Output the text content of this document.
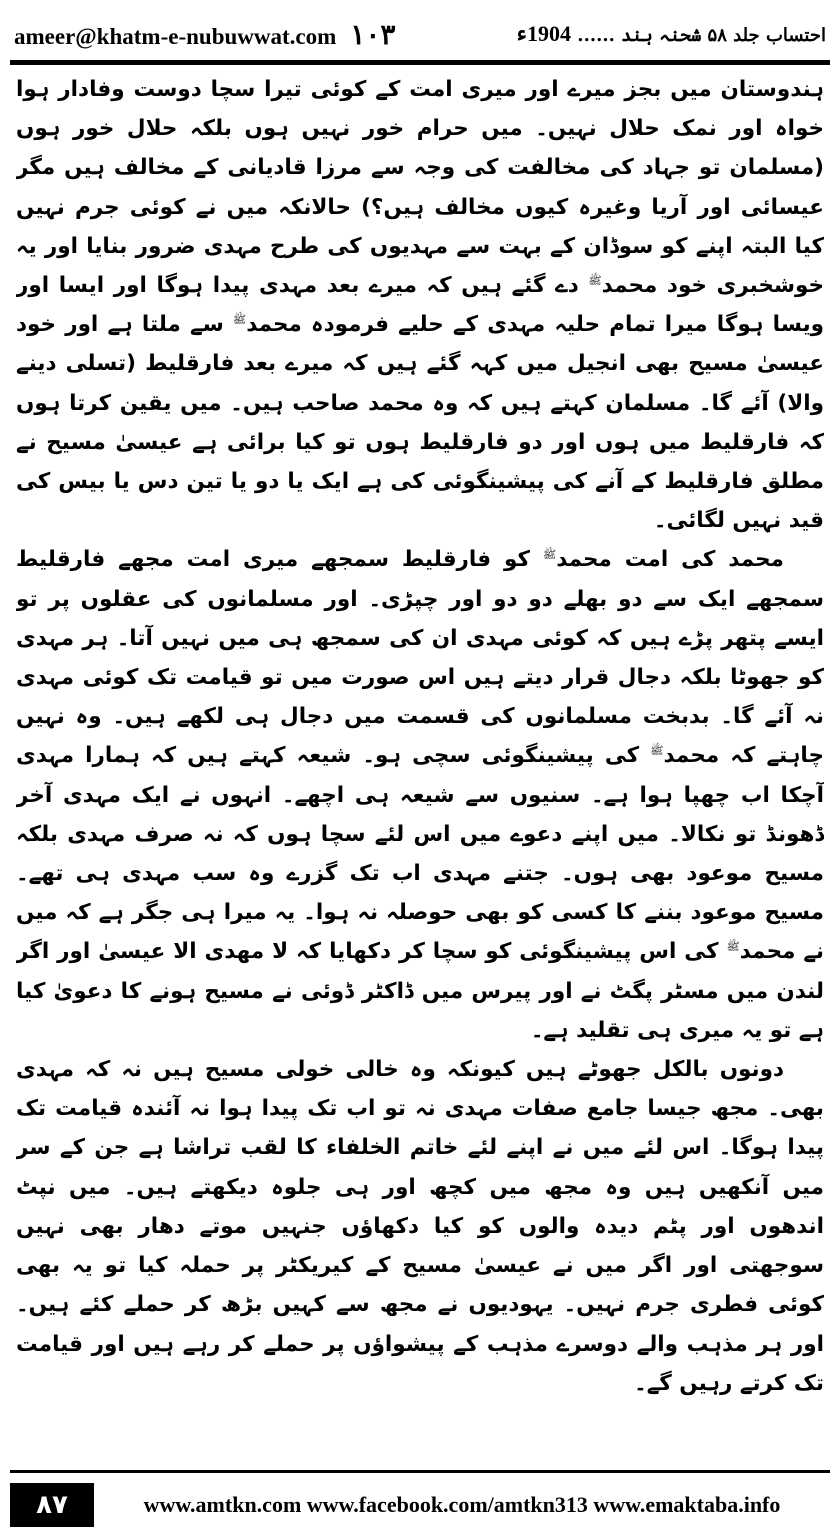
ameer@khatm-e-nubuwwat.com ١٠٣	احتساب جلد ۵۸ شحنہ ہند ...... 1904ء

ہندوستان میں بجز میرے اور میری امت کے کوئی تیرا سچا دوست وفادار ہوا خواہ اور نمک حلال نہیں۔ میں حرام خور نہیں ہوں بلکہ حلال خور ہوں (مسلمان تو جہاد کی مخالفت کی وجہ سے مرزا قادیانی کے مخالف ہیں مگر عیسائی اور آریا وغیرہ کیوں مخالف ہیں؟) حالانکہ میں نے کوئی جرم نہیں کیا البتہ اپنے کو سوڈان کے بہت سے مہدیوں کی طرح مہدی ضرور بنایا اور یہ خوشخبری خود محمد$^ﷺ$ دے گئے ہیں کہ میرے بعد مہدی پیدا ہوگا اور ایسا اور ویسا ہوگا میرا تمام حلیہ مہدی کے حلیے فرمودہ محمد$^ﷺ$ سے ملتا ہے اور خود عیسیٰ مسیح بھی انجیل میں کہہ گئے ہیں کہ میرے بعد فارقلیط (تسلی دینے والا) آئے گا۔ مسلمان کہتے ہیں کہ وہ محمد صاحب ہیں۔ میں یقین کرتا ہوں کہ فارقلیط میں ہوں اور دو فارقلیط ہوں تو کیا برائی ہے عیسیٰ مسیح نے مطلق فارقلیط کے آنے کی پیشینگوئی کی ہے ایک یا دو یا تین دس یا بیس کی قید نہیں لگائی۔

محمد کی امت محمد$^ﷺ$ کو فارقلیط سمجھے میری امت مجھے فارقلیط سمجھے ایک سے دو بھلے دو دو اور چپڑی۔ اور مسلمانوں کی عقلوں پر تو ایسے پتھر پڑے ہیں کہ کوئی مہدی ان کی سمجھ ہی میں نہیں آتا۔ ہر مہدی کو جھوٹا بلکہ دجال قرار دیتے ہیں اس صورت میں تو قیامت تک کوئی مہدی نہ آئے گا۔ بدبخت مسلمانوں کی قسمت میں دجال ہی لکھے ہیں۔ وہ نہیں چاہتے کہ محمد$^ﷺ$ کی پیشینگوئی سچی ہو۔ شیعہ کہتے ہیں کہ ہمارا مہدی آچکا اب چھپا ہوا ہے۔ سنیوں سے شیعہ ہی اچھے۔ انہوں نے ایک مہدی آخر ڈھونڈ تو نکالا۔ میں اپنے دعوے میں اس لئے سچا ہوں کہ نہ صرف مہدی بلکہ مسیح موعود بھی ہوں۔ جتنے مہدی اب تک گزرے وہ سب مہدی ہی تھے۔ مسیح موعود بننے کا کسی کو بھی حوصلہ نہ ہوا۔ یہ میرا ہی جگر ہے کہ میں نے محمد$^ﷺ$ کی اس پیشینگوئی کو سچا کر دکھایا کہ لا مھدی الا عیسیٰ اور اگر لندن میں مسٹر پگٹ نے اور پیرس میں ڈاکٹر ڈوئی نے مسیح ہونے کا دعویٰ کیا ہے تو یہ میری ہی تقلید ہے۔

دونوں بالکل جھوٹے ہیں کیونکہ وہ خالی خولی مسیح ہیں نہ کہ مہدی بھی۔ مجھ جیسا جامع صفات مہدی نہ تو اب تک پیدا ہوا نہ آئندہ قیامت تک پیدا ہوگا۔ اس لئے میں نے اپنے لئے خاتم الخلفاء کا لقب تراشا ہے جن کے سر میں آنکھیں ہیں وہ مجھ میں کچھ اور ہی جلوہ دیکھتے ہیں۔ میں نپٹ اندھوں اور پٹم دیدہ والوں کو کیا دکھاؤں جنہیں موتے دھار بھی نہیں سوجھتی اور اگر میں نے عیسیٰ مسیح کے کیریکٹر پر حملہ کیا تو یہ بھی کوئی فطری جرم نہیں۔ یہودیوں نے مجھ سے کہیں بڑھ کر حملے کئے ہیں۔ اور ہر مذہب والے دوسرے مذہب کے پیشواؤں پر حملے کر رہے ہیں اور قیامت تک کرتے رہیں گے۔

۸۷	www.amtkn.com www.facebook.com/amtkn313 www.emaktaba.info
